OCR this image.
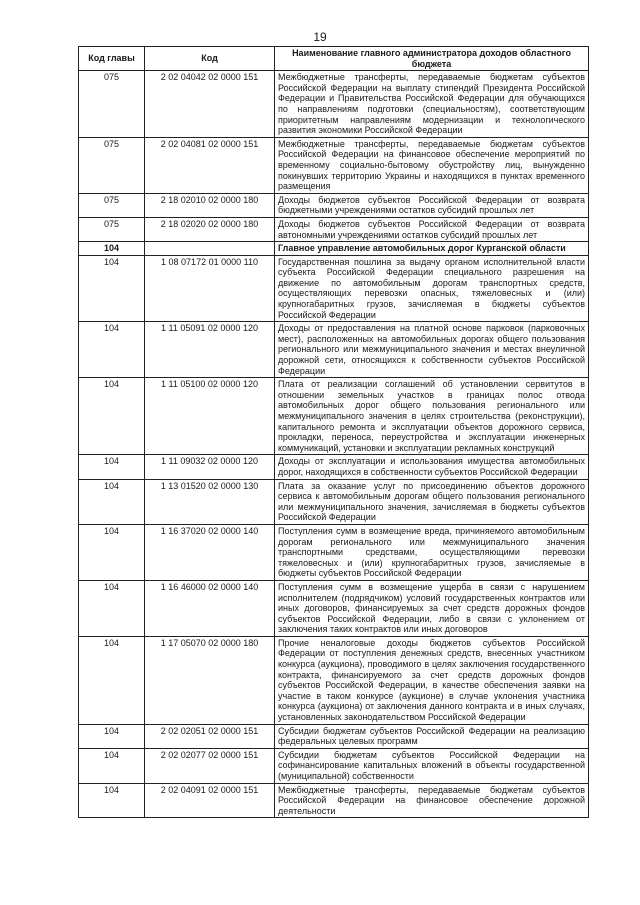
19
Код главы	Код	Наименование главного администратора доходов областного бюджета
075	2 02 04042 02 0000 151	Межбюджетные трансферты, передаваемые бюджетам субъектов Российской Федерации на выплату стипендий Президента Российской Федерации и Правительства Российской Федерации для обучающихся по направлениям подготовки (специальностям), соответствующим приоритетным направлениям модернизации и технологического развития экономики Российской Федерации
075	2 02 04081 02 0000 151	Межбюджетные трансферты, передаваемые бюджетам субъектов Российской Федерации на финансовое обеспечение мероприятий по временному социально-бытовому обустройству лиц, вынужденно покинувших территорию Украины и находящихся в пунктах временного размещения
075	2 18 02010 02 0000 180	Доходы бюджетов субъектов Российской Федерации от возврата бюджетными учреждениями остатков субсидий прошлых лет
075	2 18 02020 02 0000 180	Доходы бюджетов субъектов Российской Федерации от возврата автономными учреждениями остатков субсидий прошлых лет
104		Главное управление автомобильных дорог Курганской области
104	1 08 07172 01 0000 110	Государственная пошлина за выдачу органом исполнительной власти субъекта Российской Федерации специального разрешения на движение по автомобильным дорогам транспортных средств, осуществляющих перевозки опасных, тяжеловесных и (или) крупногабаритных грузов, зачисляемая в бюджеты субъектов Российской Федерации
104	1 11 05091 02 0000 120	Доходы от предоставления на платной основе парковок (парковочных мест), расположенных на автомобильных дорогах общего пользования регионального или межмуниципального значения и местах внеуличной дорожной сети, относящихся к собственности субъектов Российской Федерации
104	1 11 05100 02 0000 120	Плата от реализации соглашений об установлении сервитутов в отношении земельных участков в границах полос отвода автомобильных дорог общего пользования регионального или межмуниципального значения в целях строительства (реконструкции), капитального ремонта и эксплуатации объектов дорожного сервиса, прокладки, переноса, переустройства и эксплуатации инженерных коммуникаций, установки и эксплуатации рекламных конструкций
104	1 11 09032 02 0000 120	Доходы от эксплуатации и использования имущества автомобильных дорог, находящихся в собственности субъектов Российской Федерации
104	1 13 01520 02 0000 130	Плата за оказание услуг по присоединению объектов дорожного сервиса к автомобильным дорогам общего пользования регионального или межмуниципального значения, зачисляемая в бюджеты субъектов Российской Федерации
104	1 16 37020 02 0000 140	Поступления сумм в возмещение вреда, причиняемого автомобильным дорогам регионального или межмуниципального значения транспортными средствами, осуществляющими перевозки тяжеловесных и (или) крупногабаритных грузов, зачисляемые в бюджеты субъектов Российской Федерации
104	1 16 46000 02 0000 140	Поступления сумм в возмещение ущерба в связи с нарушением исполнителем (подрядчиком) условий государственных контрактов или иных договоров, финансируемых за счет средств дорожных фондов субъектов Российской Федерации, либо в связи с уклонением от заключения таких контрактов или иных договоров
104	1 17 05070 02 0000 180	Прочие неналоговые доходы бюджетов субъектов Российской Федерации от поступления денежных средств, внесенных участником конкурса (аукциона), проводимого в целях заключения государственного контракта, финансируемого за счет средств дорожных фондов субъектов Российской Федерации, в качестве обеспечения заявки на участие в таком конкурсе (аукционе) в случае уклонения участника конкурса (аукциона) от заключения данного контракта и в иных случаях, установленных законодательством Российской Федерации
104	2 02 02051 02 0000 151	Субсидии бюджетам субъектов Российской Федерации на реализацию федеральных целевых программ
104	2 02 02077 02 0000 151	Субсидии бюджетам субъектов Российской Федерации на софинансирование капитальных вложений в объекты государственной (муниципальной) собственности
104	2 02 04091 02 0000 151	Межбюджетные трансферты, передаваемые бюджетам субъектов Российской Федерации на финансовое обеспечение дорожной деятельности
